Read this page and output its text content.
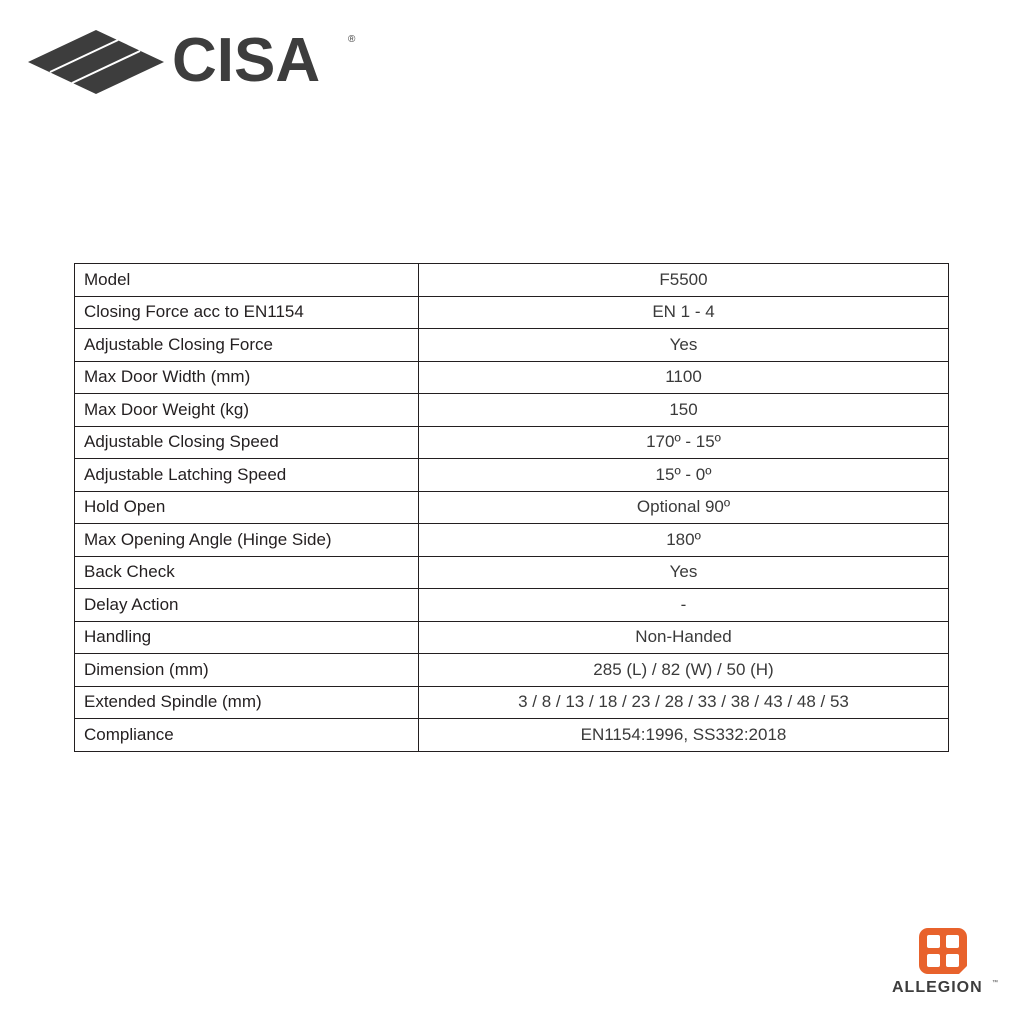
CISA	®
Model	F5500
Closing Force acc to EN1154	EN 1 - 4
Adjustable Closing Force	Yes
Max Door Width (mm)	1100
Max Door Weight (kg)	150
Adjustable Closing Speed	170º - 15º
Adjustable Latching Speed	15º - 0º
Hold Open	Optional 90º
Max Opening Angle (Hinge Side)	180º
Back Check	Yes
Delay Action	-
Handling	Non-Handed
Dimension (mm)	285 (L) / 82 (W) / 50 (H)
Extended Spindle (mm)	3 / 8 / 13 / 18 / 23 / 28 / 33 / 38 / 43 / 48 / 53
Compliance	EN1154:1996, SS332:2018
ALLEGION ™
